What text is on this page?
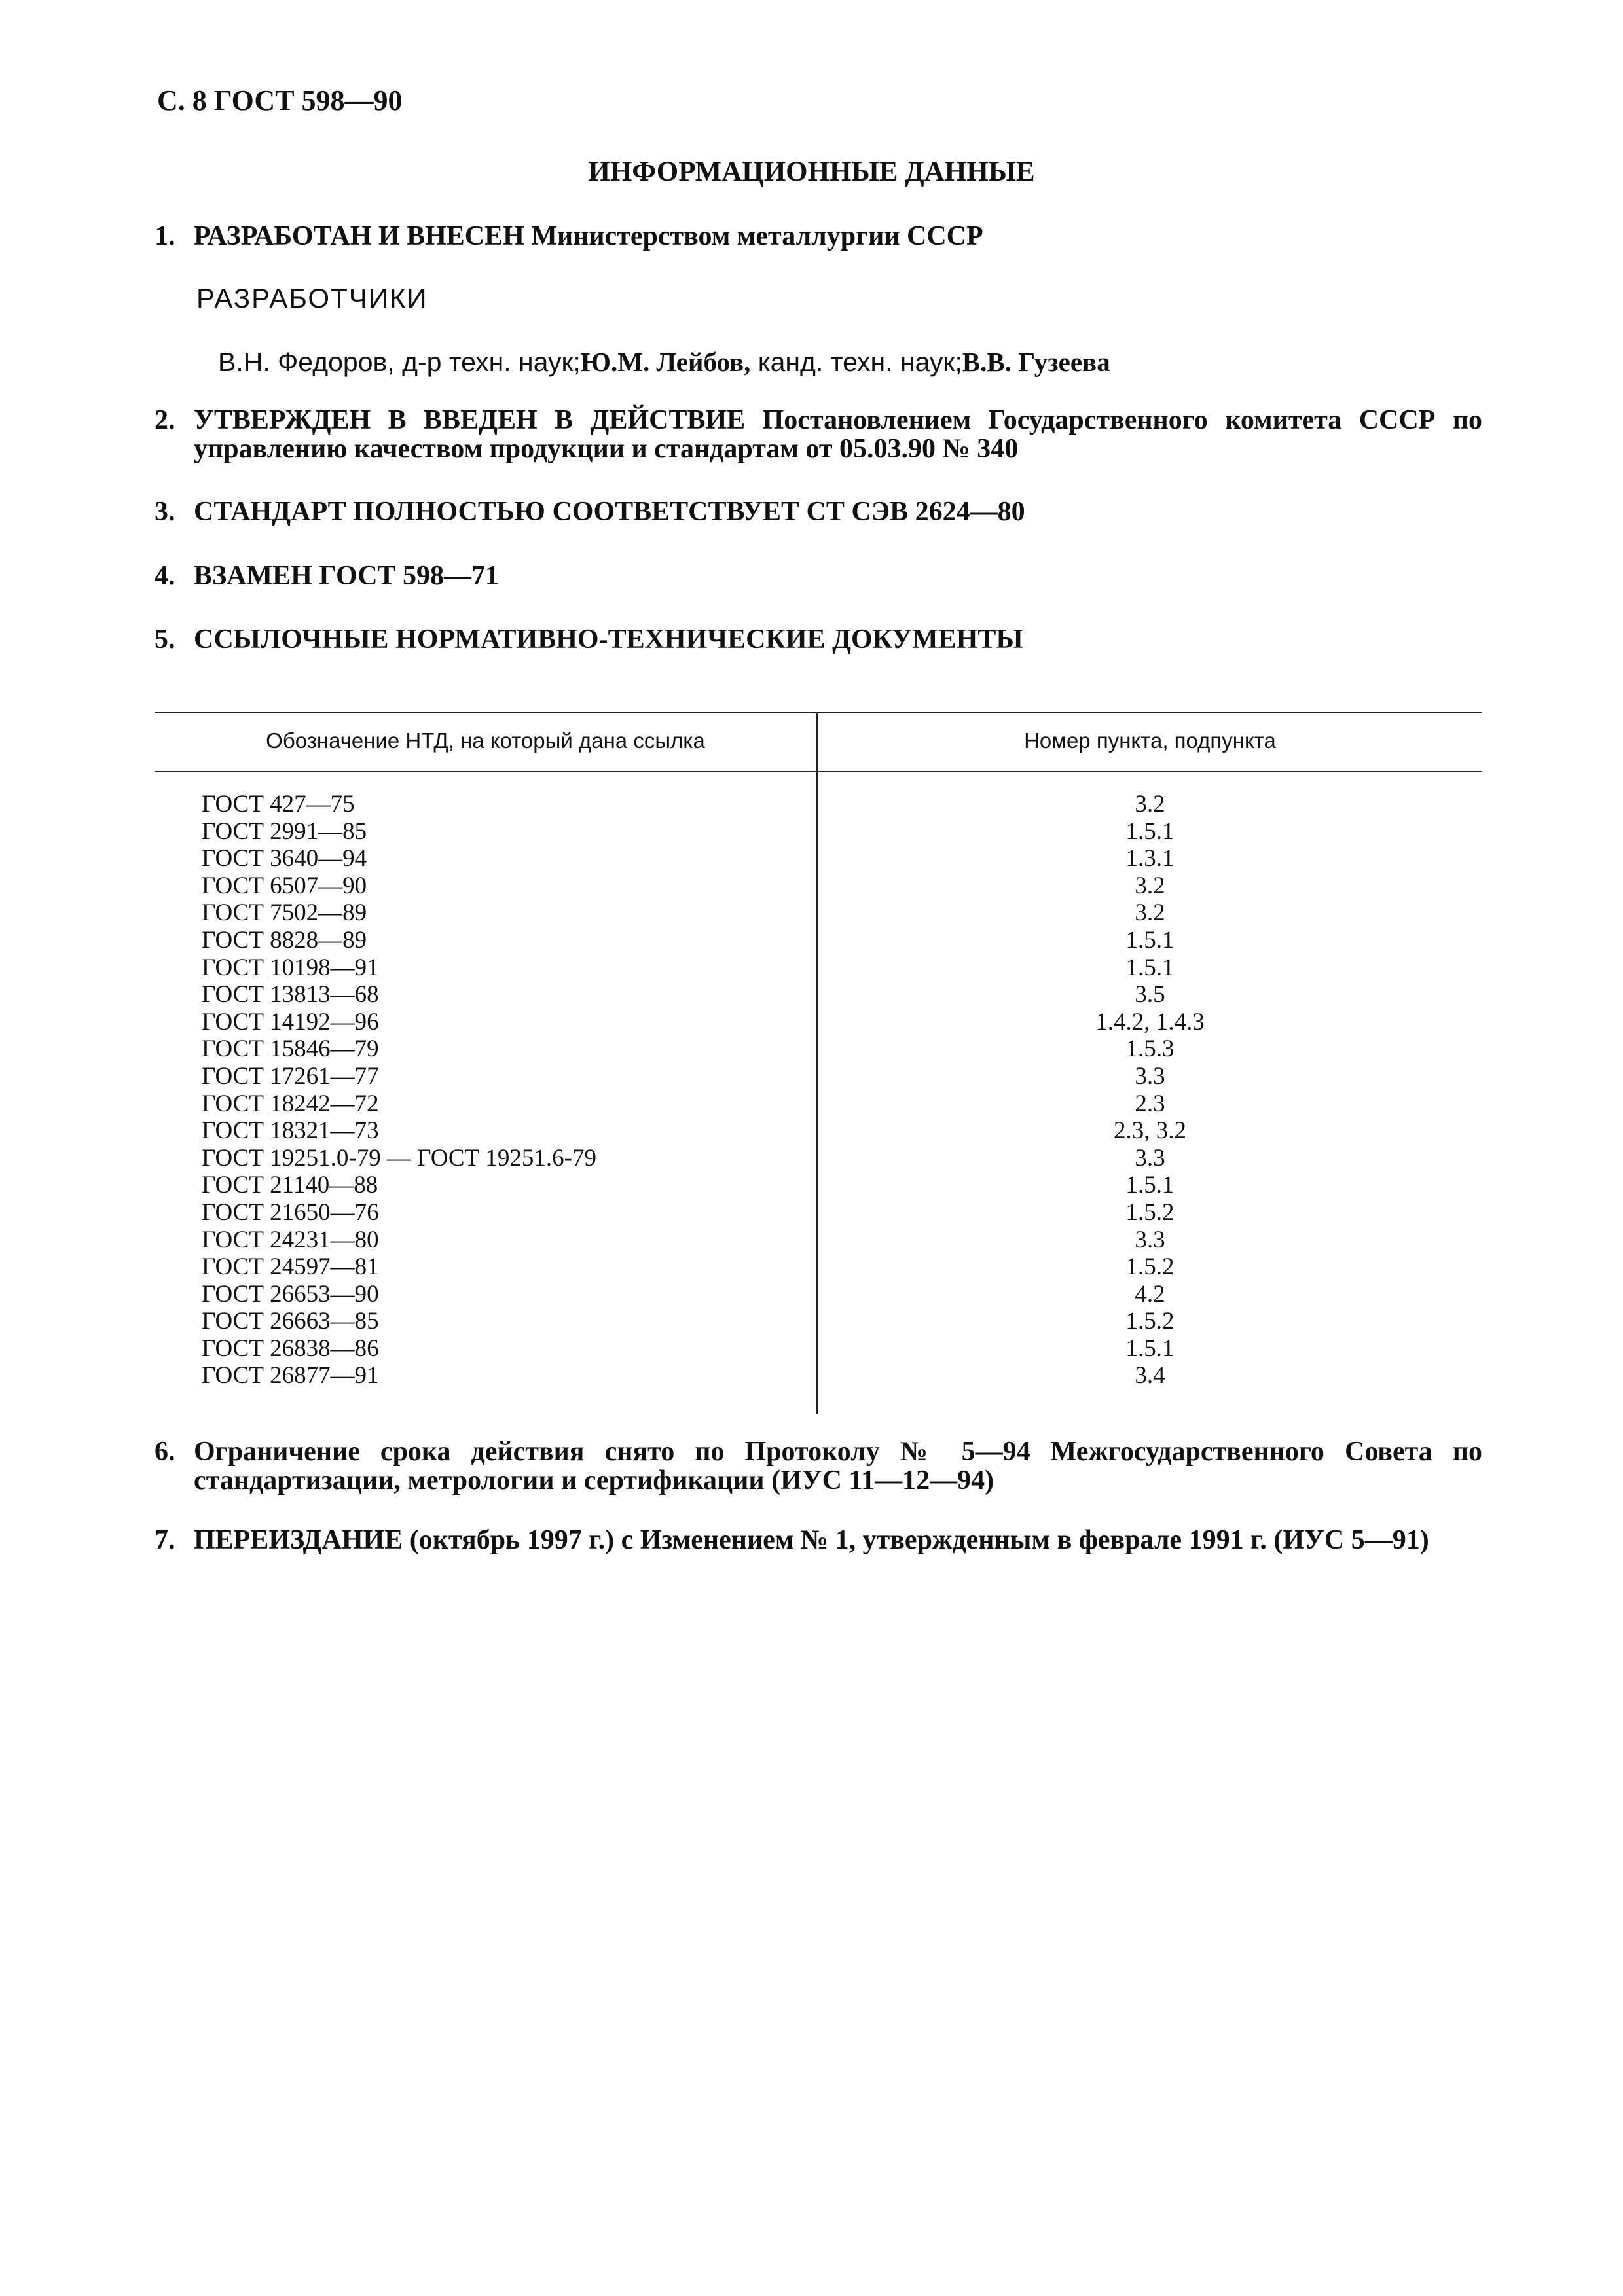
С. 8 ГОСТ 598—90
ИНФОРМАЦИОННЫЕ ДАННЫЕ
1. РАЗРАБОТАН И ВНЕСЕН Министерством металлургии СССР
РАЗРАБОТЧИКИ
В.Н. Федоров, д-р техн. наук;Ю.М. Лейбов, канд. техн. наук;В.В. Гузеева
2. УТВЕРЖДЕН В ВВЕДЕН В ДЕЙСТВИЕ Постановлением Государственного комитета СССР по управлению качеством продукции и стандартам от 05.03.90 № 340
3. СТАНДАРТ ПОЛНОСТЬЮ СООТВЕТСТВУЕТ СТ СЭВ 2624—80
4. ВЗАМЕН ГОСТ 598—71
5. ССЫЛОЧНЫЕ НОРМАТИВНО-ТЕХНИЧЕСКИЕ ДОКУМЕНТЫ
Обозначение НТД, на который дана ссылка	Номер пункта, подпункта
ГОСТ 427—75	3.2
ГОСТ 2991—85	1.5.1
ГОСТ 3640—94	1.3.1
ГОСТ 6507—90	3.2
ГОСТ 7502—89	3.2
ГОСТ 8828—89	1.5.1
ГОСТ 10198—91	1.5.1
ГОСТ 13813—68	3.5
ГОСТ 14192—96	1.4.2, 1.4.3
ГОСТ 15846—79	1.5.3
ГОСТ 17261—77	3.3
ГОСТ 18242—72	2.3
ГОСТ 18321—73	2.3, 3.2
ГОСТ 19251.0-79 — ГОСТ 19251.6-79	3.3
ГОСТ 21140—88	1.5.1
ГОСТ 21650—76	1.5.2
ГОСТ 24231—80	3.3
ГОСТ 24597—81	1.5.2
ГОСТ 26653—90	4.2
ГОСТ 26663—85	1.5.2
ГОСТ 26838—86	1.5.1
ГОСТ 26877—91	3.4
6. Ограничение срока действия снято по Протоколу № 5—94 Межгосударственного Совета по стандартизации, метрологии и сертификации (ИУС 11—12—94)
7. ПЕРЕИЗДАНИЕ (октябрь 1997 г.) с Изменением № 1, утвержденным в феврале 1991 г. (ИУС 5—91)
